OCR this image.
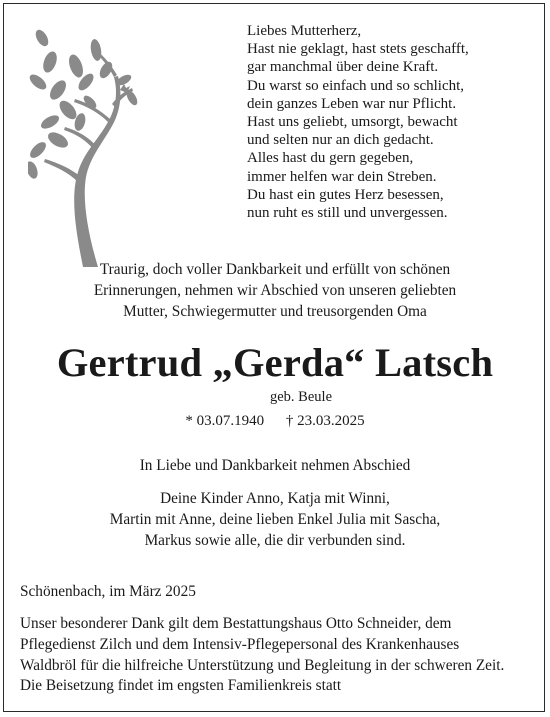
Liebes Mutterherz,
Hast nie geklagt, hast stets geschafft,
gar manchmal über deine Kraft.
Du warst so einfach und so schlicht,
dein ganzes Leben war nur Pflicht.
Hast uns geliebt, umsorgt, bewacht
und selten nur an dich gedacht.
Alles hast du gern gegeben,
immer helfen war dein Streben.
Du hast ein gutes Herz besessen,
nun ruht es still und unvergessen.
Traurig, doch voller Dankbarkeit und erfüllt von schönen
Erinnerungen, nehmen wir Abschied von unseren geliebten
Mutter, Schwiegermutter und treusorgenden Oma
Gertrud „Gerda“ Latsch
geb. Beule
* 03.07.1940 † 23.03.2025
In Liebe und Dankbarkeit nehmen Abschied
Deine Kinder Anno, Katja mit Winni,
Martin mit Anne, deine lieben Enkel Julia mit Sascha,
Markus sowie alle, die dir verbunden sind.
Schönenbach, im März 2025
Unser besonderer Dank gilt dem Bestattungshaus Otto Schneider, dem
Pflegedienst Zilch und dem Intensiv-Pflegepersonal des Krankenhauses
Waldbröl für die hilfreiche Unterstützung und Begleitung in der schweren Zeit.
Die Beisetzung findet im engsten Familienkreis statt
